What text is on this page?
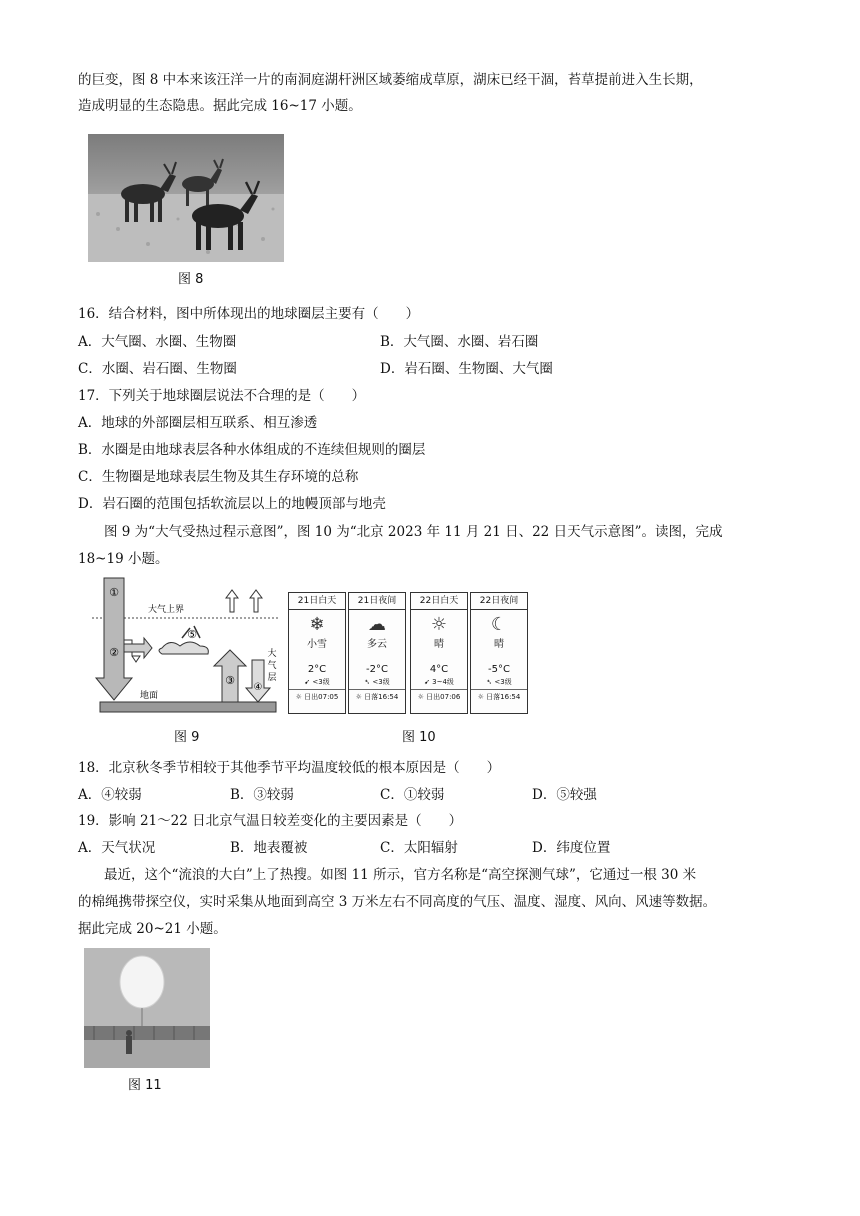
的巨变，图 8 中本来该汪洋一片的南洞庭湖杆洲区域萎缩成草原，湖床已经干涸，苔草提前进入生长期，
造成明显的生态隐患。据此完成 16~17 小题。
图 8
16．结合材料，图中所体现出的地球圈层主要有（　　）
A．大气圈、水圈、生物圈	B．大气圈、水圈、岩石圈
C．水圈、岩石圈、生物圈	D．岩石圈、生物圈、大气圈
17．下列关于地球圈层说法不合理的是（　　）
A．地球的外部圈层相互联系、相互渗透
B．水圈是由地球表层各种水体组成的不连续但规则的圈层
C．生物圈是地球表层生物及其生存环境的总称
D．岩石圈的范围包括软流层以上的地幔顶部与地壳
图 9 为“大气受热过程示意图”，图 10 为“北京 2023 年 11 月 21 日、22 日天气示意图”。读图，完成
18~19 小题。
①
②
③
④
⑤
大气上界
地面
大
气
层
图 9
21日白天
❄
小雪
2°C
➹ <3级
☼ 日出07:05
21日夜间
☁
多云
-2°C
➴ <3级
☼ 日落16:54
22日白天
☼
晴
4°C
➹ 3~4级
☼ 日出07:06
22日夜间
☾
晴
-5°C
➴ <3级
☼ 日落16:54
图 10
18．北京秋冬季节相较于其他季节平均温度较低的根本原因是（　　）
A．④较弱	B．③较弱	C．①较弱	D．⑤较强
19．影响 21～22 日北京气温日较差变化的主要因素是（　　）
A．天气状况	B．地表覆被	C．太阳辐射	D．纬度位置
最近，这个“流浪的大白”上了热搜。如图 11 所示，官方名称是“高空探测气球”，它通过一根 30 米
的棉绳携带探空仪，实时采集从地面到高空 3 万米左右不同高度的气压、温度、湿度、风向、风速等数据。
据此完成 20~21 小题。
图 11
